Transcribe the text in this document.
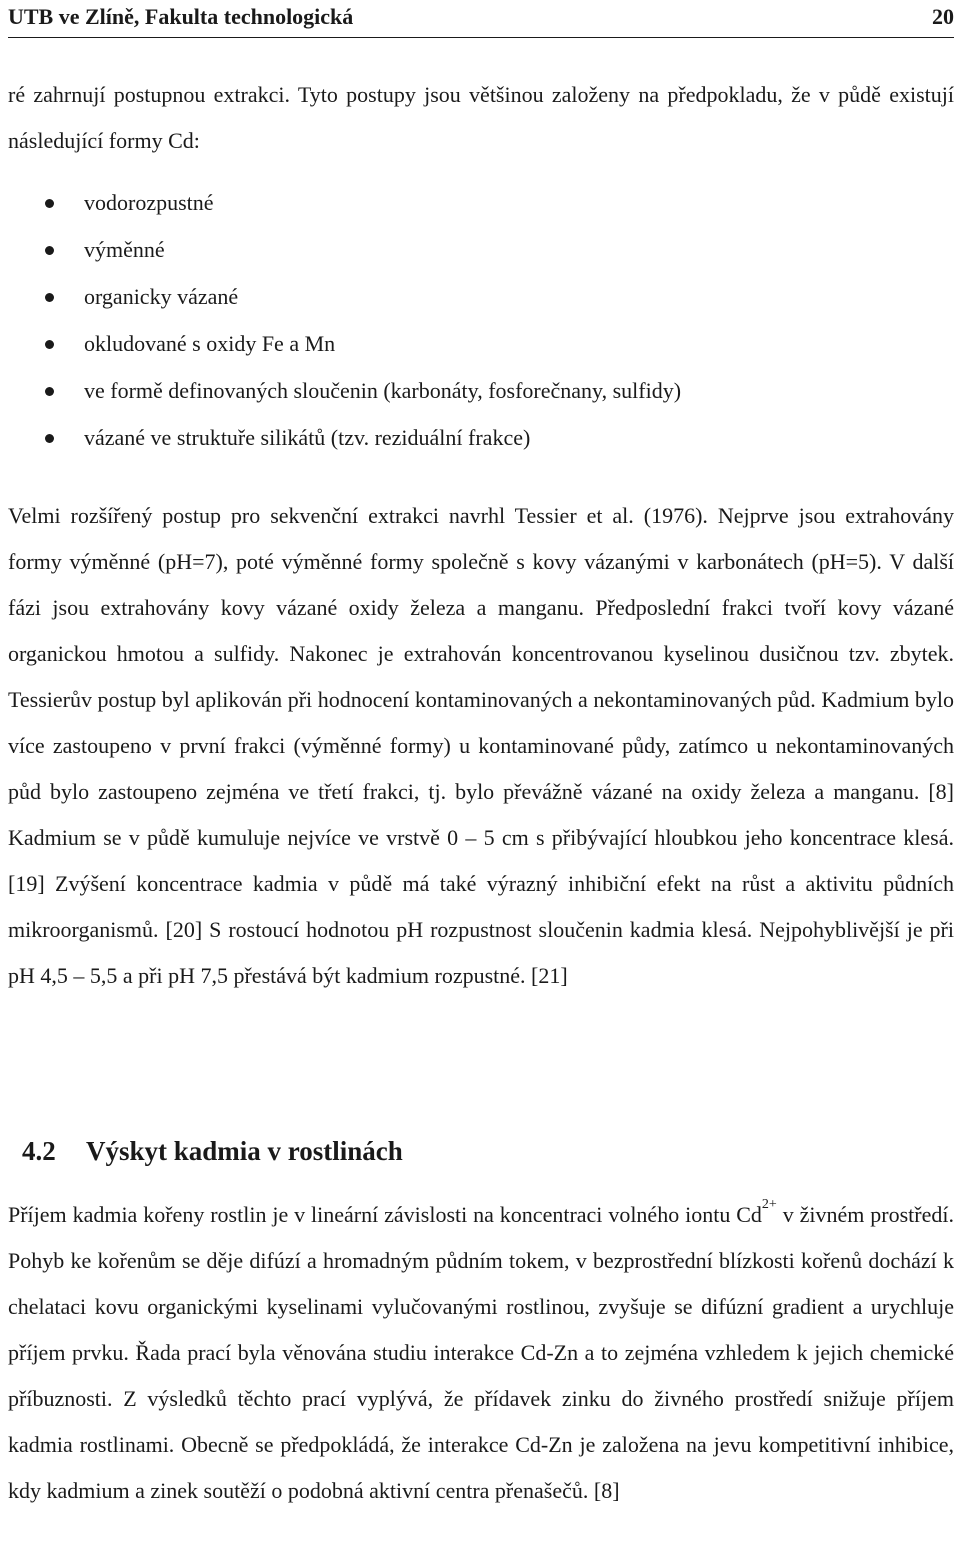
UTB ve Zlíně, Fakulta technologická	20

ré zahrnují postupnou extrakci. Tyto postupy jsou většinou založeny na předpokladu, že v půdě existují následující formy Cd:

vodorozpustné
výměnné
organicky vázané
okludované s oxidy Fe a Mn
ve formě definovaných sloučenin (karbonáty, fosforečnany, sulfidy)
vázané ve struktuře silikátů (tzv. reziduální frakce)

Velmi rozšířený postup pro sekvenční extrakci navrhl Tessier et al. (1976). Nejprve jsou extrahovány formy výměnné (pH=7), poté výměnné formy společně s kovy vázanými v karbonátech (pH=5). V další fázi jsou extrahovány kovy vázané oxidy železa a manganu. Předposlední frakci tvoří kovy vázané organickou hmotou a sulfidy. Nakonec je extrahován koncentrovanou kyselinou dusičnou tzv. zbytek. Tessierův postup byl aplikován při hodnocení kontaminovaných a nekontaminovaných půd. Kadmium bylo více zastoupeno v první frakci (výměnné formy) u kontaminované půdy, zatímco u nekontaminovaných půd bylo zastoupeno zejména ve třetí frakci, tj. bylo převážně vázané na oxidy železa a manganu. [8] Kadmium se v půdě kumuluje nejvíce ve vrstvě 0 – 5 cm s přibývající hloubkou jeho koncentrace klesá. [19] Zvýšení koncentrace kadmia v půdě má také výrazný inhibiční efekt na růst a aktivitu půdních mikroorganismů. [20] S rostoucí hodnotou pH rozpustnost sloučenin kadmia klesá. Nejpohyblivější je při pH 4,5 – 5,5 a při pH 7,5 přestává být kadmium rozpustné. [21]

4.2 Výskyt kadmia v rostlinách

Příjem kadmia kořeny rostlin je v lineární závislosti na koncentraci volného iontu $Cd^{2+}$ v živném prostředí. Pohyb ke kořenům se děje difúzí a hromadným půdním tokem, v bezprostřední blízkosti kořenů dochází k chelataci kovu organickými kyselinami vylučovanými rostlinou, zvyšuje se difúzní gradient a urychluje příjem prvku. Řada prací byla věnována studiu interakce Cd-Zn a to zejména vzhledem k jejich chemické příbuznosti. Z výsledků těchto prací vyplývá, že přídavek zinku do živného prostředí snižuje příjem kadmia rostlinami. Obecně se předpokládá, že interakce Cd-Zn je založena na jevu kompetitivní inhibice, kdy kadmium a zinek soutěží o podobná aktivní centra přenašečů. [8]
